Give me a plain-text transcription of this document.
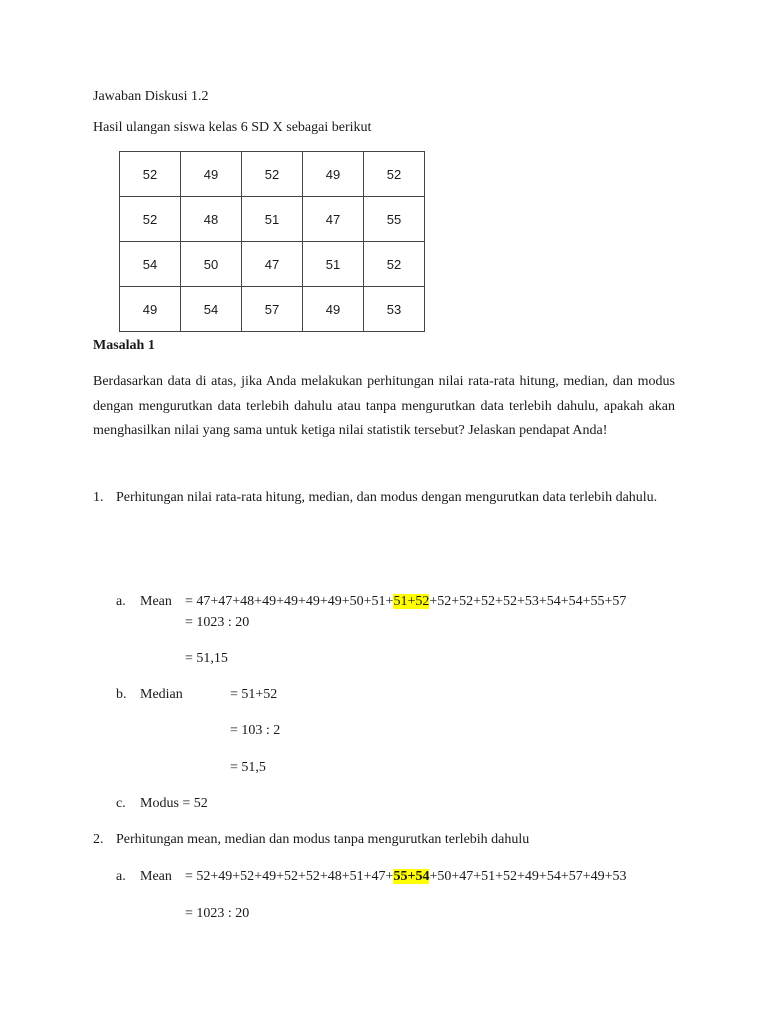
Jawaban Diskusi 1.2
Hasil ulangan siswa kelas 6 SD X sebagai berikut
52	49	52	49	52
52	48	51	47	55
54	50	47	51	52
49	54	57	49	53
Masalah 1
Berdasarkan data di atas, jika Anda melakukan perhitungan nilai rata-rata hitung, median, dan modus dengan mengurutkan data terlebih dahulu atau tanpa mengurutkan data terlebih dahulu, apakah akan menghasilkan nilai yang sama untuk ketiga nilai statistik tersebut? Jelaskan pendapat Anda!
1. Perhitungan nilai rata-rata hitung, median, dan modus dengan mengurutkan data terlebih dahulu.
a. Mean = 47+47+48+49+49+49+49+50+51+51+52+52+52+52+52+53+54+54+55+57
= 1023 : 20
= 51,15
b. Median	= 51+52
= 103 : 2
= 51,5
c. Modus = 52
2. Perhitungan mean, median dan modus tanpa mengurutkan terlebih dahulu
a. Mean = 52+49+52+49+52+52+48+51+47+55+54+50+47+51+52+49+54+57+49+53
= 1023 : 20
